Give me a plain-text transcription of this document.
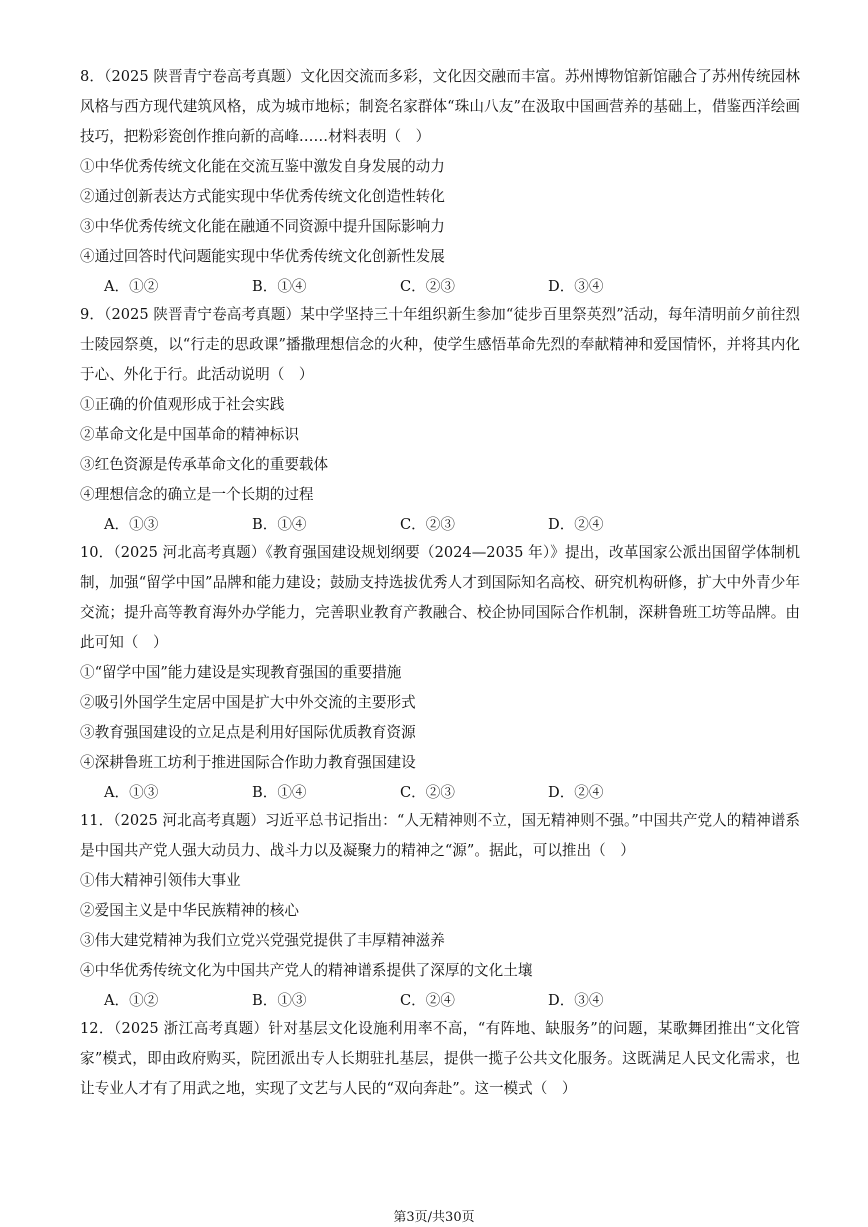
8．（2025 陕晋青宁卷高考真题）文化因交流而多彩，文化因交融而丰富。苏州博物馆新馆融合了苏州传统园林风格与西方现代建筑风格，成为城市地标；制瓷名家群体“珠山八友”在汲取中国画营养的基础上，借鉴西洋绘画技巧，把粉彩瓷创作推向新的高峰……材料表明（　）

①中华优秀传统文化能在交流互鉴中激发自身发展的动力

②通过创新表达方式能实现中华优秀传统文化创造性转化

③中华优秀传统文化能在融通不同资源中提升国际影响力

④通过回答时代问题能实现中华优秀传统文化创新性发展

A．①②	B．①④	C．②③	D．③④

9．（2025 陕晋青宁卷高考真题）某中学坚持三十年组织新生参加“徒步百里祭英烈”活动，每年清明前夕前往烈士陵园祭奠，以“行走的思政课”播撒理想信念的火种，使学生感悟革命先烈的奉献精神和爱国情怀，并将其内化于心、外化于行。此活动说明（　）

①正确的价值观形成于社会实践

②革命文化是中国革命的精神标识

③红色资源是传承革命文化的重要载体

④理想信念的确立是一个长期的过程

A．①③	B．①④	C．②③	D．②④

10．（2025 河北高考真题）《教育强国建设规划纲要（2024—2035 年）》提出，改革国家公派出国留学体制机制，加强“留学中国”品牌和能力建设；鼓励支持选拔优秀人才到国际知名高校、研究机构研修，扩大中外青少年交流；提升高等教育海外办学能力，完善职业教育产教融合、校企协同国际合作机制，深耕鲁班工坊等品牌。由此可知（　）

①“留学中国”能力建设是实现教育强国的重要措施

②吸引外国学生定居中国是扩大中外交流的主要形式

③教育强国建设的立足点是利用好国际优质教育资源

④深耕鲁班工坊利于推进国际合作助力教育强国建设

A．①③	B．①④	C．②③	D．②④

11．（2025 河北高考真题）习近平总书记指出：“人无精神则不立，国无精神则不强。”中国共产党人的精神谱系是中国共产党人强大动员力、战斗力以及凝聚力的精神之“源”。据此，可以推出（　）

①伟大精神引领伟大事业

②爱国主义是中华民族精神的核心

③伟大建党精神为我们立党兴党强党提供了丰厚精神滋养

④中华优秀传统文化为中国共产党人的精神谱系提供了深厚的文化土壤

A．①②	B．①③	C．②④	D．③④

12．（2025 浙江高考真题）针对基层文化设施利用率不高，“有阵地、缺服务”的问题，某歌舞团推出“文化管家”模式，即由政府购买，院团派出专人长期驻扎基层，提供一揽子公共文化服务。这既满足人民文化需求，也让专业人才有了用武之地，实现了文艺与人民的“双向奔赴”。这一模式（　）

第3页/共30页
